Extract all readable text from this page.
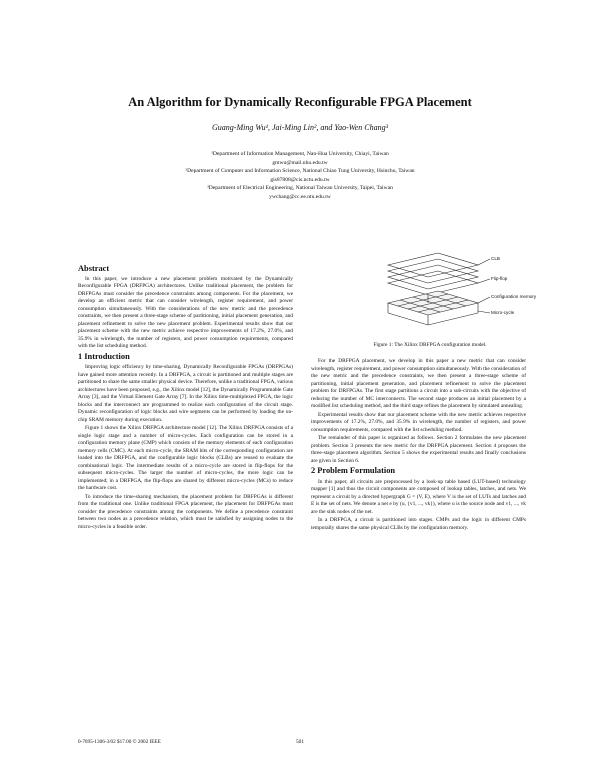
An Algorithm for Dynamically Reconfigurable FPGA Placement
Guang-Ming Wu¹, Jai-Ming Lin², and Yao-Wen Chang³
¹Department of Information Management, Nan-Hua University, Chiayi, Taiwan
gmwu@mail.nhu.edu.tw
²Department of Computer and Information Science, National Chiao Tung University, Hsinchu, Taiwan
gis87808@cis.nctu.edu.tw
³Department of Electrical Engineering, National Taiwan University, Taipei, Taiwan
ywchang@cc.ee.ntu.edu.tw
CLB
Flip-flop
Configuration memory
Micro-cycle
Figure 1: The Xilinx DRFPGA configuration model.
Abstract

In this paper, we introduce a new placement problem motivated by the Dynamically Reconfigurable FPGA (DRFPGA) architectures. Unlike traditional placement, the problem for DRFPGAs must consider the precedence constraints among components. For the placement, we develop an efficient metric that can consider wirelength, register requirement, and power consumption simultaneously. With the considerations of the new metric and the precedence constraints, we then present a three-stage scheme of partitioning, initial placement generation, and placement refinement to solve the new placement problem. Experimental results show that our placement scheme with the new metric achieve respective improvements of 17.2%, 27.0%, and 35.9% in wirelength, the number of registers, and power consumption requirements, compared with the list scheduling method.

1 Introduction

Improving logic efficiency by time-sharing, Dynamically Reconfigurable FPGAs (DRFPGAs) have gained more attention recently. In a DRFPGA, a circuit is partitioned and multiple stages are partitioned to share the same smaller physical device. Therefore, unlike a traditional FPGA, various architectures have been proposed, e.g., the Xilinx model [12], the Dynamically Programmable Gate Array [3], and the Virtual Element Gate Array [7]. In the Xilinx time-multiplexed FPGA, the logic blocks and the interconnect are programmed to realize each configuration of the circuit stage. Dynamic reconfiguration of logic blocks and wire segments can be performed by loading the on-chip SRAM memory during execution.

Figure 1 shows the Xilinx DRFPGA architecture model [12]. The Xilinx DRFPGA consists of a single logic stage and a number of micro-cycles. Each configuration can be stored in a configuration memory plane (CMP) which consists of the memory elements of each configuration memory cells (CMC). At each micro-cycle, the SRAM bits of the corresponding configuration are loaded into the DRFPGA, and the configurable logic blocks (CLBs) are reused to evaluate the combinational logic. The intermediate results of a micro-cycle are stored in flip-flops for the subsequent micro-cycles. The larger the number of micro-cycles, the more logic can be implemented; in a DRFPGA, the flip-flops are shared by different micro-cycles (MCs) to reduce the hardware cost.

To introduce the time-sharing mechanism, the placement problem for DRFPGAs is different from the traditional one. Unlike traditional FPGA placement, the placement for DRFPGAs must consider the precedence constraints among the components. We define a precedence constraint between two nodes as a precedence relation, which must be satisfied by assigning nodes to the micro-cycles in a feasible order.

For the DRFPGA placement, we develop in this paper a new metric that can consider wirelength, register requirement, and power consumption simultaneously. With the consideration of the new metric and the precedence constraints, we then present a three-stage scheme of partitioning, initial placement generation, and placement refinement to solve the placement problem for DRFPGAs. The first stage partitions a circuit into a sub-circuits with the objective of reducing the number of MC interconnects. The second stage produces an initial placement by a modified list scheduling method, and the third stage refines the placement by simulated annealing.

Experimental results show that our placement scheme with the new metric achieves respective improvements of 17.2%, 27.0%, and 35.9% in wirelength, the number of registers, and power consumption requirements, compared with the list scheduling method.

The remainder of this paper is organized as follows. Section 2 formulates the new placement problem. Section 3 presents the new metric for the DRFPGA placement. Section 4 proposes the three-stage placement algorithm. Section 5 shows the experimental results and finally conclusions are given in Section 6.

2 Problem Formulation

In this paper, all circuits are preprocessed by a look-up table based (LUT-based) technology mapper [1] and thus the circuit components are composed of lookup tables, latches, and nets. We represent a circuit by a directed hypergraph G = (V, E), where V is the set of LUTs and latches and E is the set of nets. We denote a net e by (u, {v1, ..., vk}), where u is the source node and v1, ..., vk are the sink nodes of the net.

In a DRFPGA, a circuit is partitioned into stages. CMPs and the logic in different CMPs temporally shares the same physical CLBs by the configuration memory.

0-7695-1306-3/02 $17.00 © 2002 IEEE	501
